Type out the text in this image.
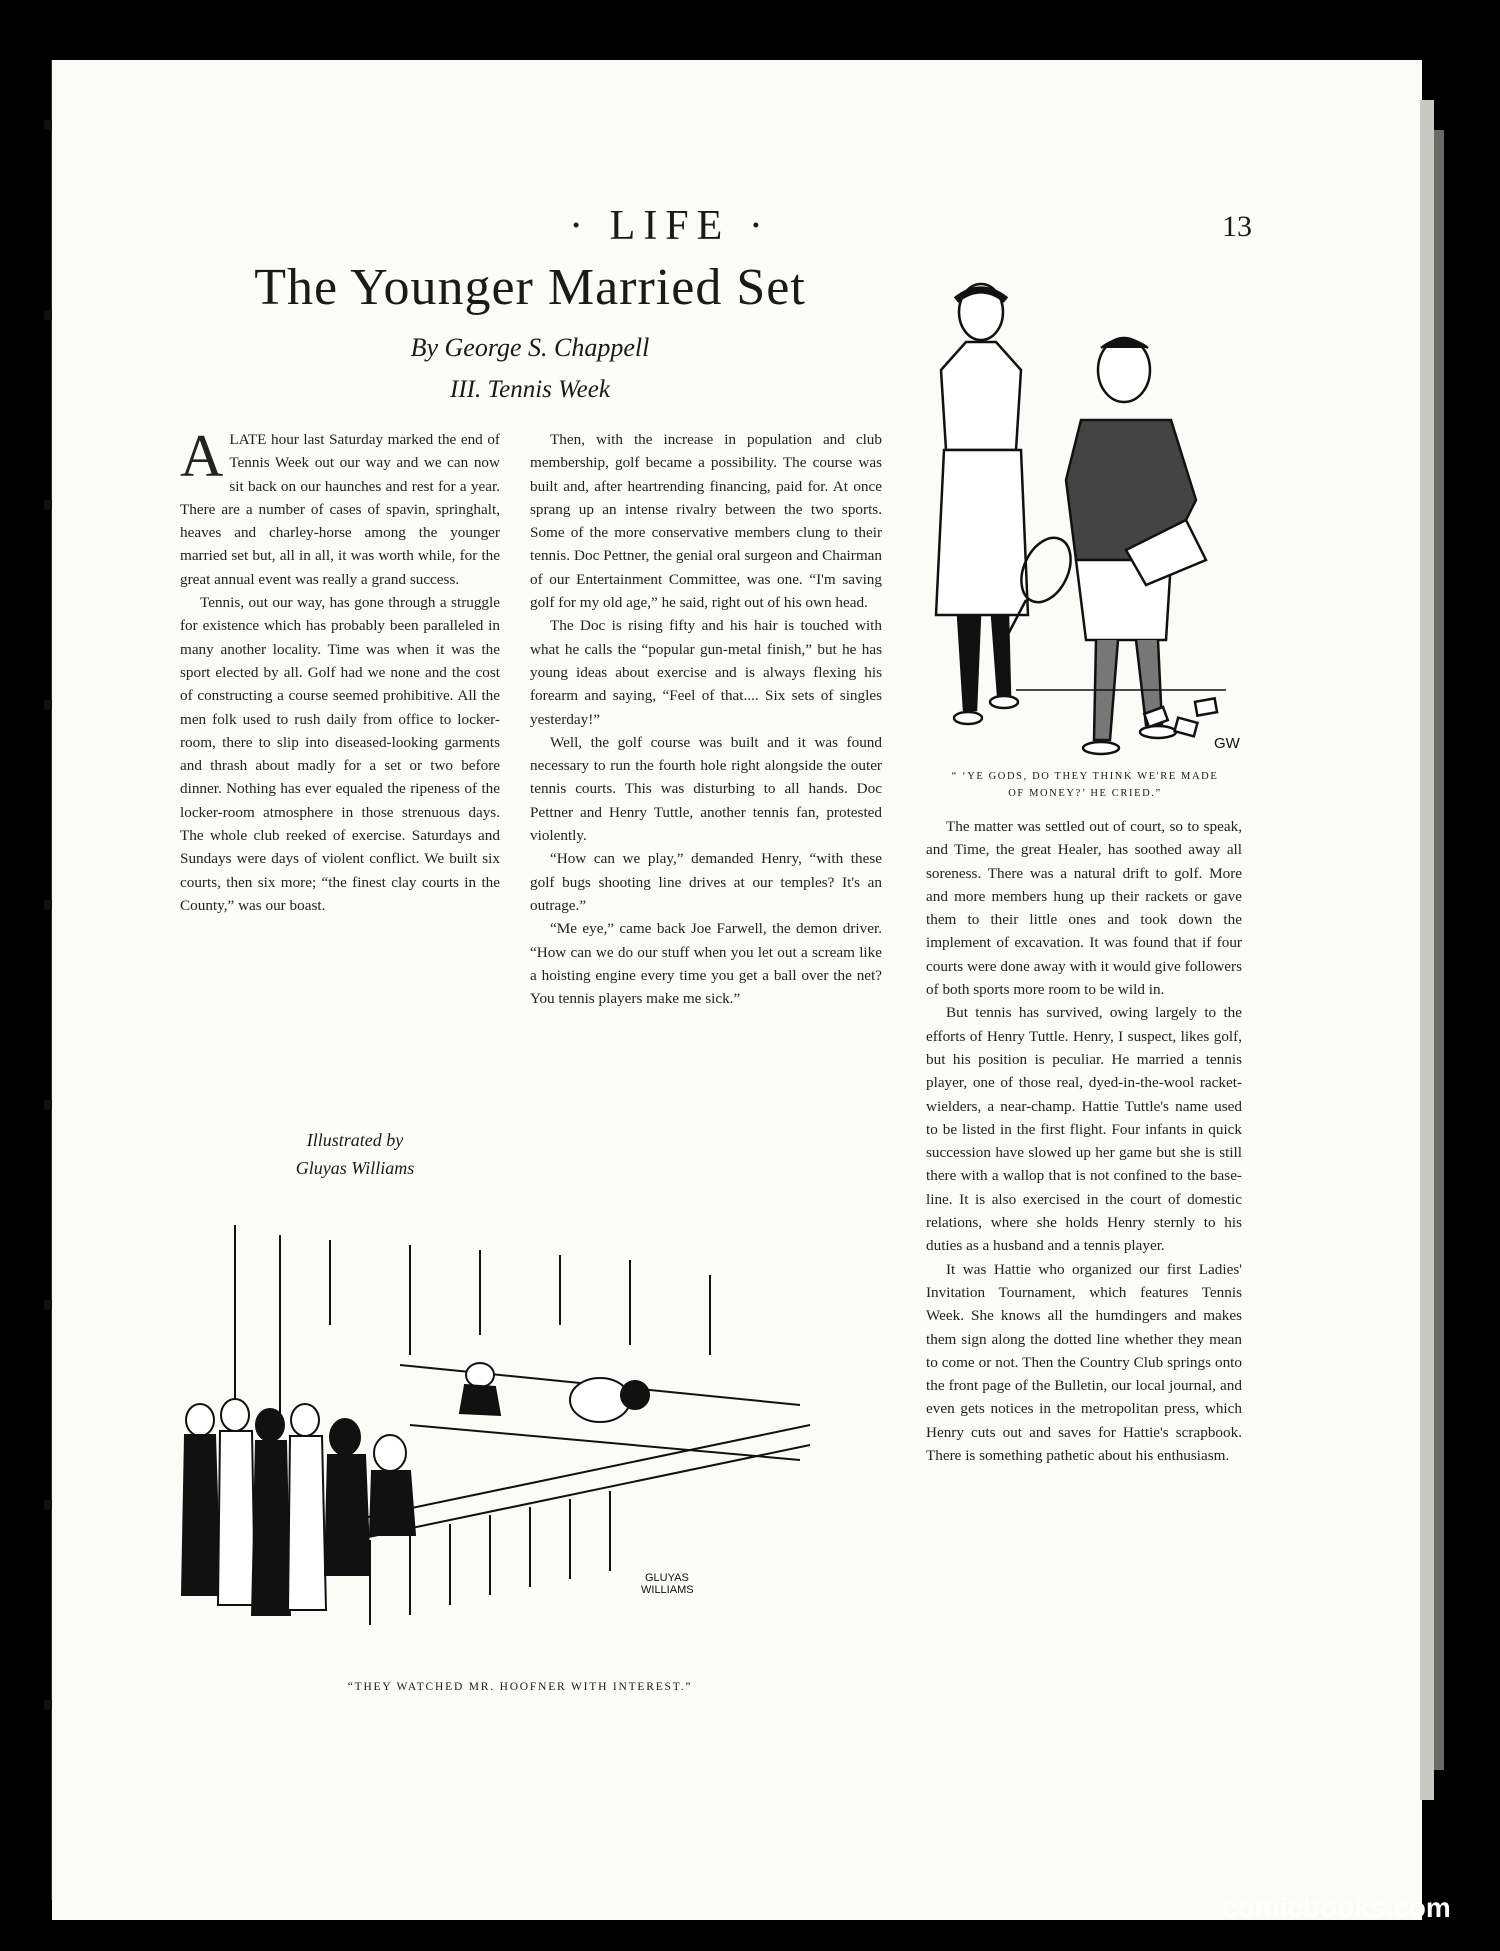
· LIFE ·	13
The Younger Married Set
By George S. Chappell
III. Tennis Week

ALATE hour last Saturday marked the end of Tennis Week out our way and we can now sit back on our haunches and rest for a year. There are a number of cases of spavin, springhalt, heaves and charley-horse among the younger married set but, all in all, it was worth while, for the great annual event was really a grand success.

Tennis, out our way, has gone through a struggle for existence which has probably been paralleled in many another locality. Time was when it was the sport elected by all. Golf had we none and the cost of constructing a course seemed prohibitive. All the men folk used to rush daily from office to locker-room, there to slip into diseased-looking garments and thrash about madly for a set or two before dinner. Nothing has ever equaled the ripeness of the locker-room atmosphere in those strenuous days. The whole club reeked of exercise. Saturdays and Sundays were days of violent conflict. We built six courts, then six more; “the finest clay courts in the County,” was our boast.

Then, with the increase in population and club membership, golf became a possibility. The course was built and, after heartrending financing, paid for. At once sprang up an intense rivalry between the two sports. Some of the more conservative members clung to their tennis. Doc Pettner, the genial oral surgeon and Chairman of our Entertainment Committee, was one. “I'm saving golf for my old age,” he said, right out of his own head.

The Doc is rising fifty and his hair is touched with what he calls the “popular gun-metal finish,” but he has young ideas about exercise and is always flexing his forearm and saying, “Feel of that.... Six sets of singles yesterday!”

Well, the golf course was built and it was found necessary to run the fourth hole right alongside the outer tennis courts. This was disturbing to all hands. Doc Pettner and Henry Tuttle, another tennis fan, protested violently.

“How can we play,” demanded Henry, “with these golf bugs shooting line drives at our temples? It's an outrage.”

“Me eye,” came back Joe Farwell, the demon driver. “How can we do our stuff when you let out a scream like a hoisting engine every time you get a ball over the net? You tennis players make me sick.”

The matter was settled out of court, so to speak, and Time, the great Healer, has soothed away all soreness. There was a natural drift to golf. More and more members hung up their rackets or gave them to their little ones and took down the implement of excavation. It was found that if four courts were done away with it would give followers of both sports more room to be wild in.

But tennis has survived, owing largely to the efforts of Henry Tuttle. Henry, I suspect, likes golf, but his position is peculiar. He married a tennis player, one of those real, dyed-in-the-wool racket-wielders, a near-champ. Hattie Tuttle's name used to be listed in the first flight. Four infants in quick succession have slowed up her game but she is still there with a wallop that is not confined to the base-line. It is also exercised in the court of domestic relations, where she holds Henry sternly to his duties as a husband and a tennis player.

It was Hattie who organized our first Ladies' Invitation Tournament, which features Tennis Week. She knows all the humdingers and makes them sign along the dotted line whether they mean to come or not. Then the Country Club springs onto the front page of the Bulletin, our local journal, and even gets notices in the metropolitan press, which Henry cuts out and saves for Hattie's scrapbook. There is something pathetic about his enthusiasm.

Illustrated by
Gluyas Williams
GW
“ ‘YE GODS, DO THEY THINK WE'RE MADE
OF MONEY?’ HE CRIED.”
GLUYAS
WILLIAMS
“THEY WATCHED MR. HOOFNER WITH INTEREST.”
comicbooks.com
